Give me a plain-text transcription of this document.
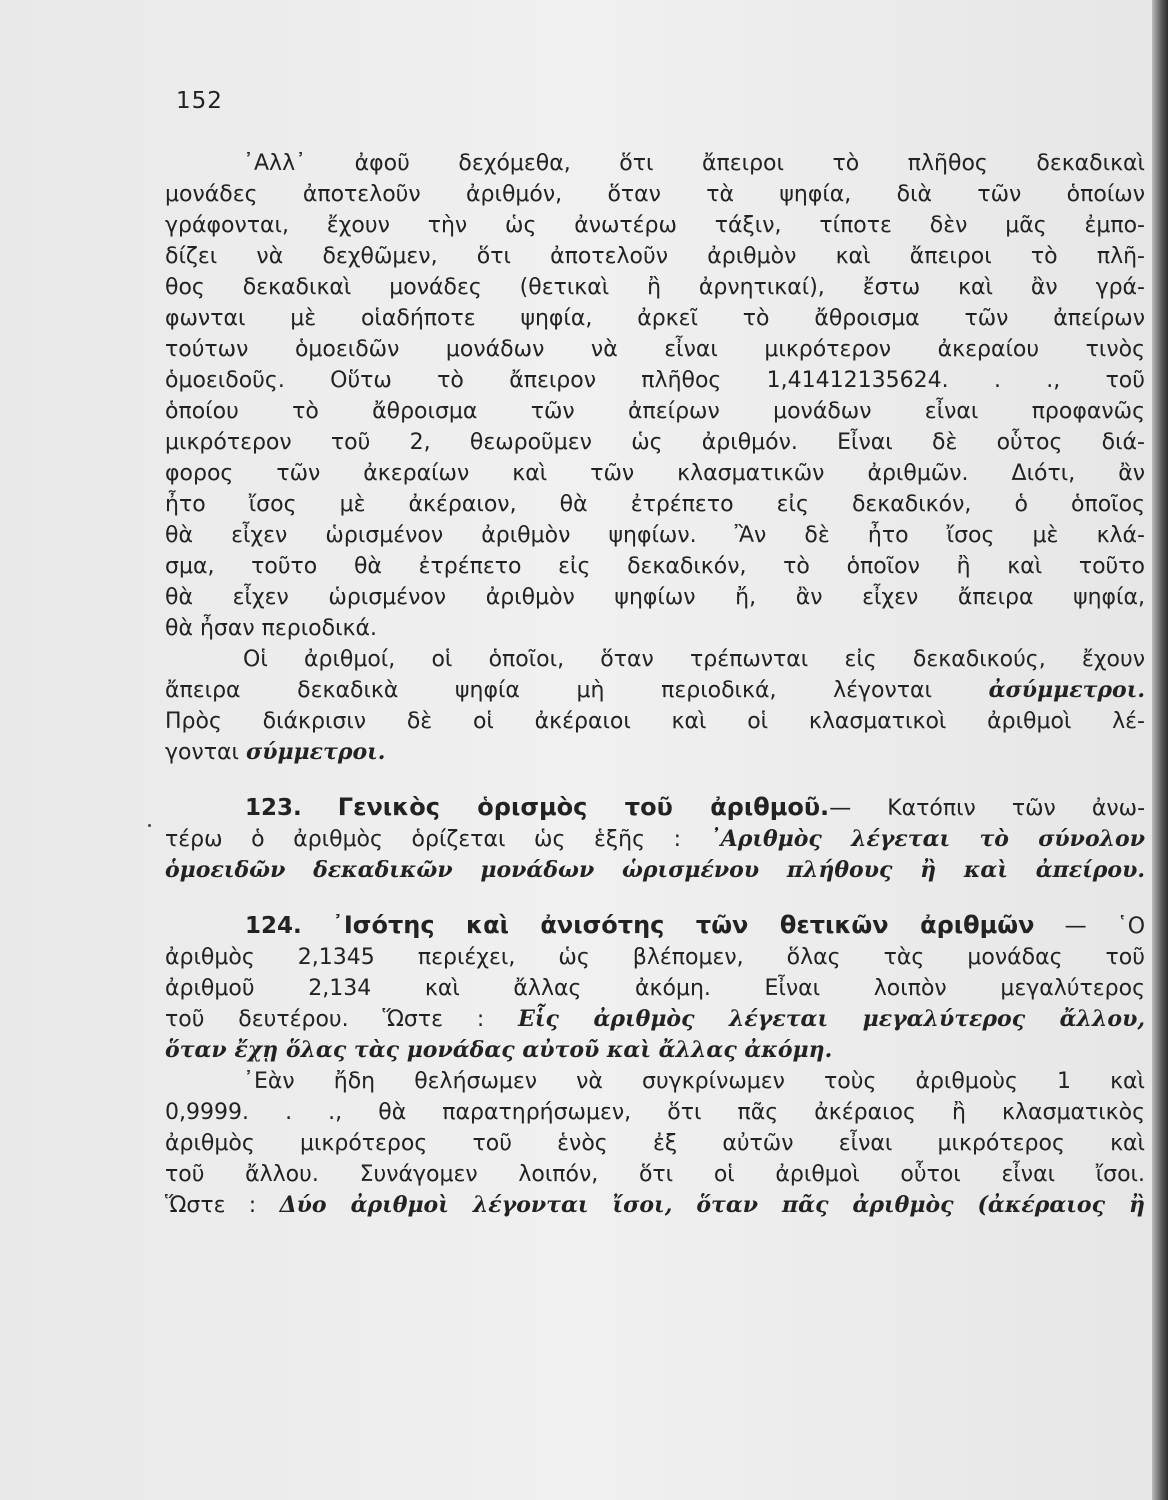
152
᾿Αλλ᾿ ἀφοῦ δεχόμεθα, ὅτι ἄπειροι τὸ πλῆθος δεκαδικαὶ
μονάδες ἀποτελοῦν ἀριθμόν, ὅταν τὰ ψηφία, διὰ τῶν ὁποίων
γράφονται, ἔχουν τὴν ὡς ἀνωτέρω τάξιν, τίποτε δὲν μᾶς ἐμπο-
δίζει νὰ δεχθῶμεν, ὅτι ἀποτελοῦν ἀριθμὸν καὶ ἄπειροι τὸ πλῆ-
θος δεκαδικαὶ μονάδες (θετικαὶ ἢ ἀρνητικαί), ἔστω καὶ ἂν γρά-
φωνται μὲ οἱαδήποτε ψηφία, ἀρκεῖ τὸ ἄθροισμα τῶν ἀπείρων
τούτων ὁμοειδῶν μονάδων νὰ εἶναι μικρότερον ἀκεραίου τινὸς
ὁμοειδοῦς. Οὕτω τὸ ἄπειρον πλῆθος 1,41412135624. . ., τοῦ
ὁποίου τὸ ἄθροισμα τῶν ἀπείρων μονάδων εἶναι προφανῶς
μικρότερον τοῦ 2, θεωροῦμεν ὡς ἀριθμόν. Εἶναι δὲ οὗτος διά-
φορος τῶν ἀκεραίων καὶ τῶν κλασματικῶν ἀριθμῶν. Διότι, ἂν
ἦτο ἴσος μὲ ἀκέραιον, θὰ ἐτρέπετο εἰς δεκαδικόν, ὁ ὁποῖος
θὰ εἶχεν ὡρισμένον ἀριθμὸν ψηφίων. Ἂν δὲ ἦτο ἴσος μὲ κλά-
σμα, τοῦτο θὰ ἐτρέπετο εἰς δεκαδικόν, τὸ ὁποῖον ἢ καὶ τοῦτο
θὰ εἶχεν ὡρισμένον ἀριθμὸν ψηφίων ἤ, ἂν εἶχεν ἄπειρα ψηφία,
θὰ ἦσαν περιοδικά.
Οἱ ἀριθμοί, οἱ ὁποῖοι, ὅταν τρέπωνται εἰς δεκαδικούς, ἔχουν
ἄπειρα δεκαδικὰ ψηφία μὴ περιοδικά, λέγονται	ἀσύμμετροι.
Πρὸς διάκρισιν δὲ οἱ ἀκέραιοι καὶ οἱ κλασματικοὶ ἀριθμοὶ λέ-
γονται σύμμετροι.
123. Γενικὸς ὁρισμὸς τοῦ ἀριθμοῦ.— Κατόπιν τῶν ἀνω-
τέρω ὁ ἀριθμὸς ὁρίζεται ὡς ἑξῆς : ᾿Αριθμὸς λέγεται τὸ σύνολον
ὁμοειδῶν δεκαδικῶν μονάδων ὡρισμένου πλήθους ἢ καὶ ἀπείρου.
124. ᾿Ισότης καὶ ἀνισότης τῶν θετικῶν ἀριθμῶν — ῾Ο
ἀριθμὸς 2,1345 περιέχει, ὡς βλέπομεν, ὅλας τὰς μονάδας τοῦ
ἀριθμοῦ 2,134 καὶ ἄλλας ἀκόμη. Εἶναι λοιπὸν μεγαλύτερος
τοῦ δευτέρου. Ὥστε : Εἷς ἀριθμὸς λέγεται μεγαλύτερος ἄλλου,
ὅταν ἔχῃ ὅλας τὰς μονάδας αὐτοῦ καὶ ἄλλας ἀκόμη.
᾿Εὰν ἤδη θελήσωμεν νὰ συγκρίνωμεν τοὺς ἀριθμοὺς 1 καὶ
0,9999. . ., θὰ παρατηρήσωμεν, ὅτι πᾶς ἀκέραιος ἢ κλασματικὸς
ἀριθμὸς μικρότερος τοῦ ἑνὸς ἐξ αὐτῶν εἶναι μικρότερος καὶ
τοῦ ἄλλου. Συνάγομεν λοιπόν, ὅτι οἱ ἀριθμοὶ οὗτοι εἶναι ἴσοι.
Ὥστε : Δύο ἀριθμοὶ λέγονται ἴσοι, ὅταν πᾶς ἀριθμὸς (ἀκέραιος ἢ
